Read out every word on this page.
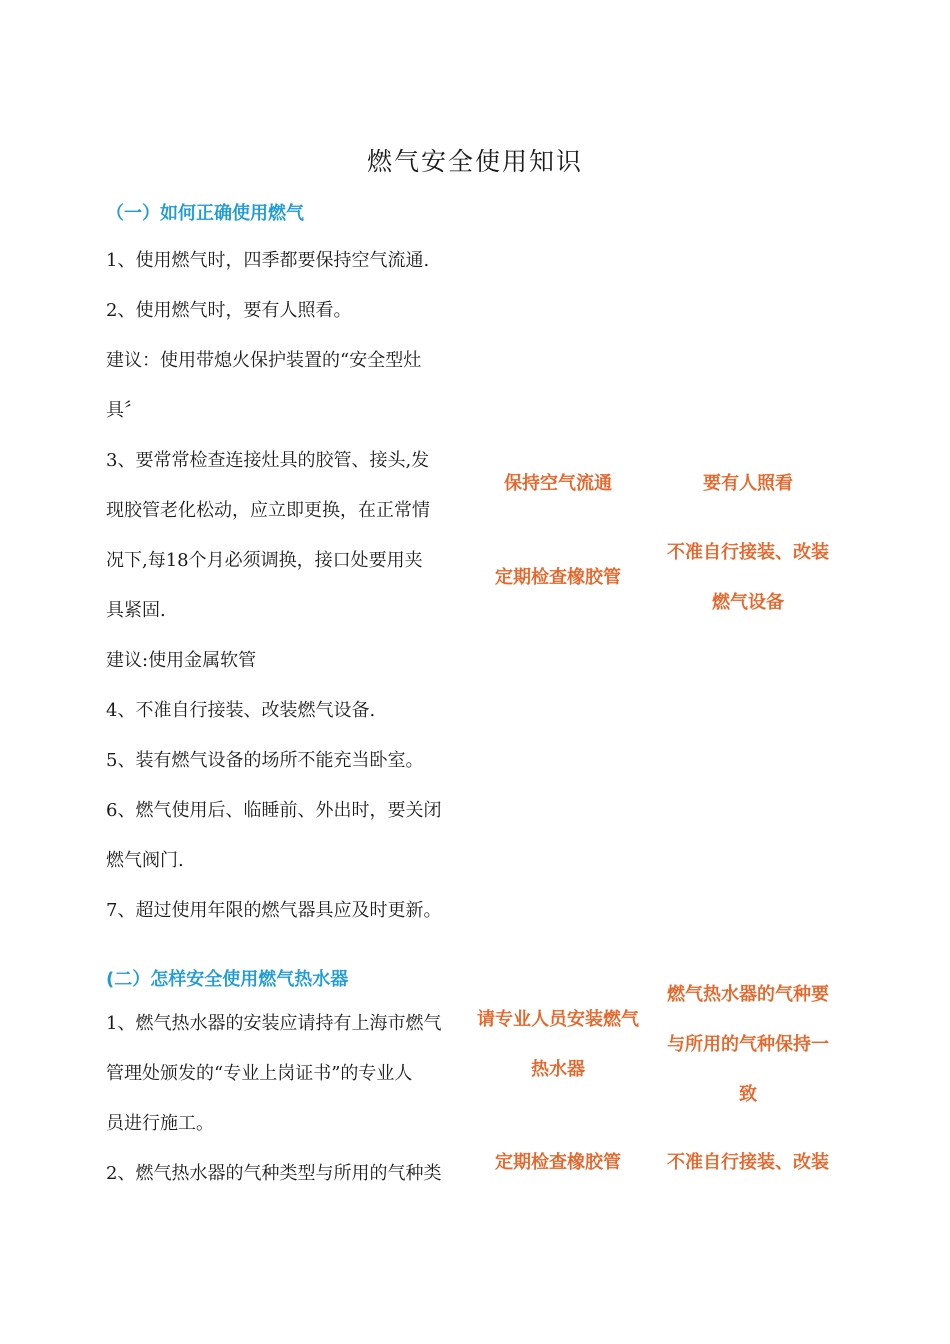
燃气安全使用知识
（一）如何正确使用燃气
1、使用燃气时，四季都要保持空气流通.
2、使用燃气时，要有人照看。
建议：使用带熄火保护装置的“安全型灶
具〞
3、要常常检查连接灶具的胶管、接头,发
现胶管老化松动，应立即更换，在正常情
况下,每18个月必须调换，接口处要用夹
具紧固.
建议:使用金属软管
4、不准自行接装、改装燃气设备.
5、装有燃气设备的场所不能充当卧室。
6、燃气使用后、临睡前、外出时，要关闭
燃气阀门.
7、超过使用年限的燃气器具应及时更新。
保持空气流通	要有人照看
定期检查橡胶管
不准自行接装、改装
燃气设备
(二）怎样安全使用燃气热水器
1、燃气热水器的安装应请持有上海市燃气
管理处颁发的“专业上岗证书”的专业人
员进行施工。
2、燃气热水器的气种类型与所用的气种类
请专业人员安装燃气
热水器
燃气热水器的气种要
与所用的气种保持一
致
定期检查橡胶管	不准自行接装、改装
